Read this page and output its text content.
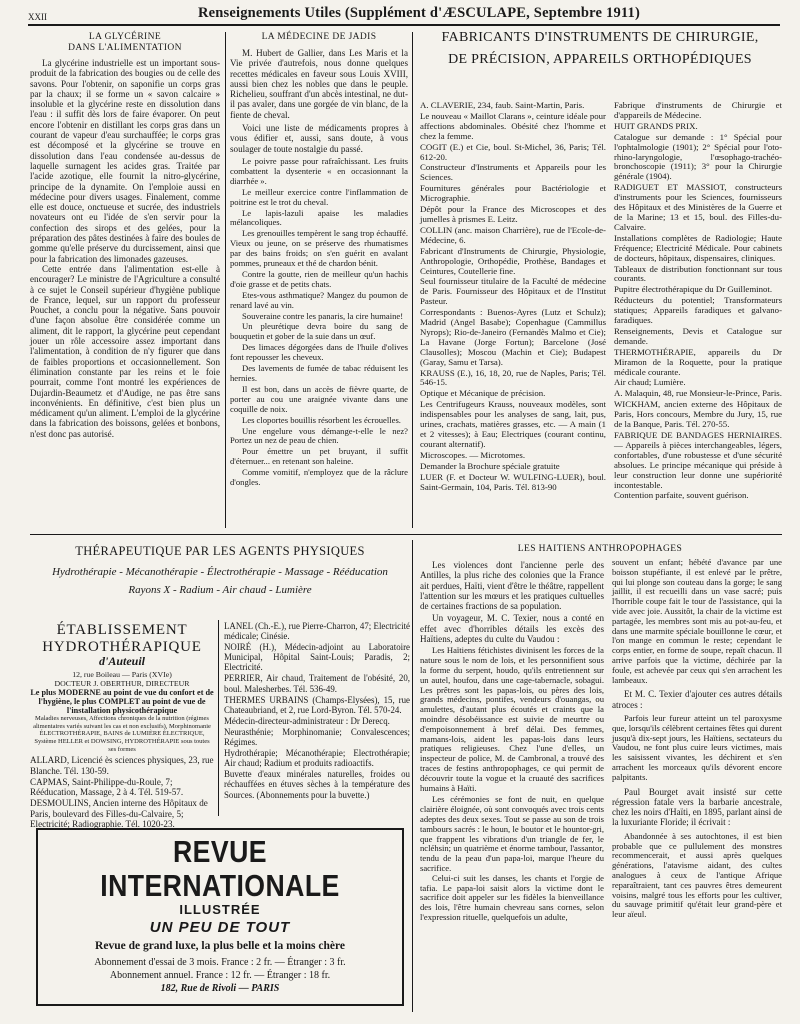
XXII	Renseignements Utiles (Supplément d'ÆSCULAPE, Septembre 1911)
LA GLYCÉRINE
DANS L'ALIMENTATION

La glycérine industrielle est un important sous-produit de la fabrication des bougies ou de celle des savons. Pour l'obtenir, on saponifie un corps gras par la chaux; il se forme un « savon calcaire » insoluble et la glycérine reste en dissolution dans l'eau : il suffit dès lors de faire évaporer. On peut encore l'obtenir en distillant les corps gras dans un courant de vapeur d'eau surchauffée; le corps gras est décomposé et la glycérine se trouve en dissolution dans l'eau condensée au-dessus de laquelle surnagent les acides gras. Traitée par l'acide azotique, elle fournit la nitro-glycérine, principe de la dynamite. On l'emploie aussi en médecine pour divers usages. Finalement, comme elle est douce, onctueuse et sucrée, des industriels novateurs ont eu l'idée de s'en servir pour la confection des sirops et des gelées, pour la préparation des pâtes destinées à faire des boules de gomme qu'elle préserve du durcissement, ainsi que pour la fabrication des limonades gazeuses.

Cette entrée dans l'alimentation est-elle à encourager? Le ministre de l'Agriculture a consulté à ce sujet le Conseil supérieur d'hygiène publique de France, lequel, sur un rapport du professeur Pouchet, a conclu pour la négative. Sans pouvoir d'une façon absolue être considérée comme un aliment, dit le rapport, la glycérine peut cependant jouer un rôle accessoire assez important dans l'alimentation, à condition de n'y figurer que dans de faibles proportions et occasionnellement. Son élimination constante par les reins et le foie pourrait, comme l'ont montré les expériences de Dujardin-Beaumetz et d'Audige, ne pas être sans inconvénients. En définitive, c'est bien plus un médicament qu'un aliment. L'emploi de la glycérine dans la fabrication des boissons, gelées et bonbons, n'est donc pas autorisé.

LA MÉDECINE DE JADIS

M. Hubert de Gallier, dans Les Maris et la Vie privée d'autrefois, nous donne quelques recettes médicales en faveur sous Louis XVIII, aussi bien chez les nobles que dans le peuple. Richelieu, souffrant d'un abcès intestinal, ne dut-il pas avaler, dans une gorgée de vin blanc, de la fiente de cheval.

Voici une liste de médicaments propres à vous édifier et, aussi, sans doute, à vous soulager de toute nostalgie du passé.

Le poivre passe pour rafraîchissant. Les fruits combattent la dysenterie « en occasionnant la diarrhée ».

Le meilleur exercice contre l'inflammation de poitrine est le trot du cheval.

Le lapis-lazuli apaise les maladies mélancoliques.

Les grenouilles tempèrent le sang trop échauffé. Vieux ou jeune, on se préserve des rhumatismes par des bains froids; on s'en guérit en avalant pommes, pruneaux et thé de chardon bénit.

Contre la goutte, rien de meilleur qu'un hachis d'oie grasse et de petits chats.

Etes-vous asthmatique? Mangez du poumon de renard lavé au vin.

Souveraine contre les panaris, la cire humaine!

Un pleurétique devra boire du sang de bouquetin et gober de la suie dans un œuf.

Des limaces dégorgées dans de l'huile d'olives font repousser les cheveux.

Des lavements de fumée de tabac réduisent les hernies.

Il est bon, dans un accès de fièvre quarte, de porter au cou une araignée vivante dans une coquille de noix.

Les cloportes bouillis résorbent les écrouelles.

Une engelure vous démange-t-elle le nez? Portez un nez de peau de chien.

Pour émettre un pet bruyant, il suffit d'éternuer... en retenant son haleine.

Comme vomitif, n'employez que de la râclure d'ongles.

FABRICANTS D'INSTRUMENTS DE CHIRURGIE,
DE PRÉCISION, APPAREILS ORTHOPÉDIQUES

A. CLAVERIE, 234, faub. Saint-Martin, Paris.

Le nouveau « Maillot Clarans », ceinture idéale pour affections abdominales. Obésité chez l'homme et chez la femme.

COGIT (E.) et Cie, boul. St-Michel, 36, Paris; Tél. 612-20.

Constructeur d'Instruments et Appareils pour les Sciences.

Fournitures générales pour Bactériologie et Micrographie.

Dépôt pour la France des Microscopes et des jumelles à prismes E. Leitz.

COLLIN (anc. maison Charrière), rue de l'Ecole-de-Médecine, 6.

Fabricant d'Instruments de Chirurgie, Physiologie, Anthropologie, Orthopédie, Prothèse, Bandages et Ceintures, Coutellerie fine.

Seul fournisseur titulaire de la Faculté de médecine de Paris. Fournisseur des Hôpitaux et de l'Institut Pasteur.

Correspondants : Buenos-Ayres (Lutz et Schulz); Madrid (Angel Basabe); Copenhague (Cammillus Nyrops); Rio-de-Janeiro (Fernandès Malmo et Cie); La Havane (Jorge Fortun); Barcelone (José Clausolles); Moscou (Machin et Cie); Budapest (Garay, Samu et Tarsa).

KRAUSS (E.), 16, 18, 20, rue de Naples, Paris; Tél. 546-15.

Optique et Mécanique de précision.

Les Centrifugeurs Krauss, nouveaux modèles, sont indispensables pour les analyses de sang, lait, pus, urines, crachats, matières grasses, etc. — A main (1 et 2 vitesses); à Eau; Electriques (courant continu, courant alternatif).

Microscopes. — Microtomes.

Demander la Brochure spéciale gratuite

LUER (F. et Docteur W. WULFING-LUER), boul. Saint-Germain, 104, Paris. Tél. 813-90

Fabrique d'instruments de Chirurgie et d'appareils de Médecine.

HUIT GRANDS PRIX.

Catalogue sur demande : 1° Spécial pour l'ophtalmologie (1901); 2° Spécial pour l'oto-rhino-laryngologie, l'œsophago-trachéo-bronchoscopie (1911); 3° pour la Chirurgie générale (1904).

RADIGUET ET MASSIOT, constructeurs d'instruments pour les Sciences, fournisseurs des Hôpitaux et des Ministères de la Guerre et de la Marine; 13 et 15, boul. des Filles-du-Calvaire.

Installations complètes de Radiologie; Haute Fréquence; Electricité Médicale. Pour cabinets de docteurs, hôpitaux, dispensaires, cliniques.

Tableaux de distribution fonctionnant sur tous courants.

Pupitre électrothérapique du Dr Guilleminot.

Réducteurs du potentiel; Transformateurs statiques; Appareils faradiques et galvano-faradiques.

Renseignements, Devis et Catalogue sur demande.

THERMOTHÉRAPIE, appareils du Dr Miramon de la Roquette, pour la pratique médicale courante.

Air chaud; Lumière.

A. Malaquin, 48, rue Monsieur-le-Prince, Paris.

WICKHAM, ancien externe des Hôpitaux de Paris, Hors concours, Membre du Jury, 15, rue de la Banque, Paris. Tél. 270-55.

FABRIQUE DE BANDAGES HERNIAIRES. — Appareils à pièces interchangeables, légers, confortables, d'une robustesse et d'une sécurité absolues. Le principe mécanique qui préside à leur construction leur donne une supériorité incontestable.

Contention parfaite, souvent guérison.

THÉRAPEUTIQUE PAR LES AGENTS PHYSIQUES
Hydrothérapie - Mécanothérapie - Électrothérapie - Massage - Rééducation
Rayons X - Radium - Air chaud - Lumière
ÉTABLISSEMENT
HYDROTHÉRAPIQUE
d'Auteuil
12, rue Boileau — Paris (XVIe)
DOCTEUR J. OBERTHUR, DIRECTEUR
Le plus MODERNE au point de vue du confort et de l'hygiène, le plus COMPLET au point de vue de l'installation physicothérapique
Maladies nerveuses, Affections chroniques de la nutrition (régimes alimentaires variés suivant les cas et non exclusifs), Morphinomanie
ÉLECTROTHÉRAPIE, BAINS de LUMIÈRE ÉLECTRIQUE, Système HELLER et DOWSING, HYDROTHÉRAPIE sous toutes ses formes

ALLARD, Licencié ès sciences physiques, 23, rue Blanche. Tél. 130-59.

CAPMAS, Saint-Philippe-du-Roule, 7; Rééducation, Massage, 2 à 4. Tél. 519-57.

DESMOULINS, Ancien interne des Hôpitaux de Paris, boulevard des Filles-du-Calvaire, 5; Electricité; Radiographie. Tél. 1020-23.

LANEL (Ch.-E.), rue Pierre-Charron, 47; Electricité médicale; Cinésie.

NOIRÉ (H.), Médecin-adjoint au Laboratoire Municipal, Hôpital Saint-Louis; Paradis, 2; Electricité.

PERRIER, Air chaud, Traitement de l'obésité, 20, boul. Malesherbes. Tél. 536-49.

THERMES URBAINS (Champs-Elysées), 15, rue Chateaubriand, et 2, rue Lord-Byron. Tél. 570-24.

Médecin-directeur-administrateur : Dr Derecq.

Neurasthénie; Morphinomanie; Convalescences; Régimes.

Hydrothérapie; Mécanothérapie; Electrothérapie; Air chaud; Radium et produits radioactifs.

Buvette d'eaux minérales naturelles, froides ou réchauffées en étuves sèches à la température des Sources. (Abonnements pour la buvette.)

REVUE INTERNATIONALE
ILLUSTRÉE
UN PEU DE TOUT
Revue de grand luxe, la plus belle et la moins chère
Abonnement d'essai de 3 mois. France : 2 fr. — Étranger : 3 fr.
Abonnement annuel. France : 12 fr. — Étranger : 18 fr.
182, Rue de Rivoli — PARIS
LES HAITIENS ANTHROPOPHAGES

Les violences dont l'ancienne perle des Antilles, la plus riche des colonies que la France ait perdues, Haïti, vient d'être le théâtre, rappellent l'attention sur les mœurs et les pratiques cultuelles de certaines fractions de sa population.

Un voyageur, M. C. Texier, nous a conté en effet avec d'horribles détails les excès des Haïtiens, adeptes du culte du Vaudou :

Les Haïtiens fétichistes divinisent les forces de la nature sous le nom de lois, et les personnifient sous la forme du serpent, houdo, qu'ils entretiennent sur un autel, houfou, dans une cage-tabernacle, sobagui. Les prêtres sont les papas-lois, ou pères des lois, grands médecins, pontifes, vendeurs d'ouangas, ou amulettes, d'autant plus écoutés et craints que la moindre désobéissance est suivie de meurtre ou d'empoisonnement à bref délai. Des femmes, mamans-lois, aident les papas-lois dans leurs pratiques religieuses. Chez l'une d'elles, un inspecteur de police, M. de Cambronal, a trouvé des traces de festins anthropophages, ce qui permit de découvrir toute la vogue et la cruauté des sacrifices humains à Haïti.

Les cérémonies se font de nuit, en quelque clairière éloignée, où sont convoqués avec trois cents adeptes des deux sexes. Tout se passe au son de trois tambours sacrés : le houn, le boutor et le hountor-gri, que frappent les vibrations d'un triangle de fer, le ncléhsin; un quatrième et énorme tambour, l'assantor, tendu de la peau d'un papa-loi, marque l'heure du sacrifice.

Celui-ci suit les danses, les chants et l'orgie de tafia. Le papa-loi saisit alors la victime dont le sacrifice doit appeler sur les fidèles la bienveillance des lois, l'être humain chevreau sans cornes, selon l'expression rituelle, quelquefois un adulte,

souvent un enfant; hébété d'avance par une boisson stupéfiante, il est enlevé par le prêtre, qui lui plonge son couteau dans la gorge; le sang jaillit, il est recueilli dans un vase sacré; puis l'horrible coupe fait le tour de l'assistance, qui la vide avec joie. Aussitôt, la chair de la victime est partagée, les membres sont mis au pot-au-feu, et dans une marmite spéciale bouillonne le cœur, et l'on mange en commun le reste; cependant le corps entier, en forme de soupe, repaît chacun. Il arrive parfois que la victime, déchirée par la foule, est achevée par ceux qui s'en arrachent les lambeaux.

Et M. C. Texier d'ajouter ces autres détails atroces :

Parfois leur fureur atteint un tel paroxysme que, lorsqu'ils célèbrent certaines fêtes qui durent jusqu'à dix-sept jours, les Haïtiens, sectateurs du Vaudou, ne font plus cuire leurs victimes, mais les saisissent vivantes, les déchirent et s'en arrachent les morceaux qu'ils dévorent encore palpitants.

Paul Bourget avait insisté sur cette régression fatale vers la barbarie ancestrale, chez les noirs d'Haïti, en 1895, parlant ainsi de la luxuriante Floride; il écrivait :

Abandonnée à ses autochtones, il est bien probable que ce pullulement des monstres recommencerait, et aussi après quelques générations, l'atavisme aidant, des cultes analogues à ceux de l'antique Afrique reparaîtraient, tant ces pauvres êtres demeurent voisins, malgré tous les efforts pour les cultiver, du sauvage primitif qu'était leur grand-père et leur aïeul.
